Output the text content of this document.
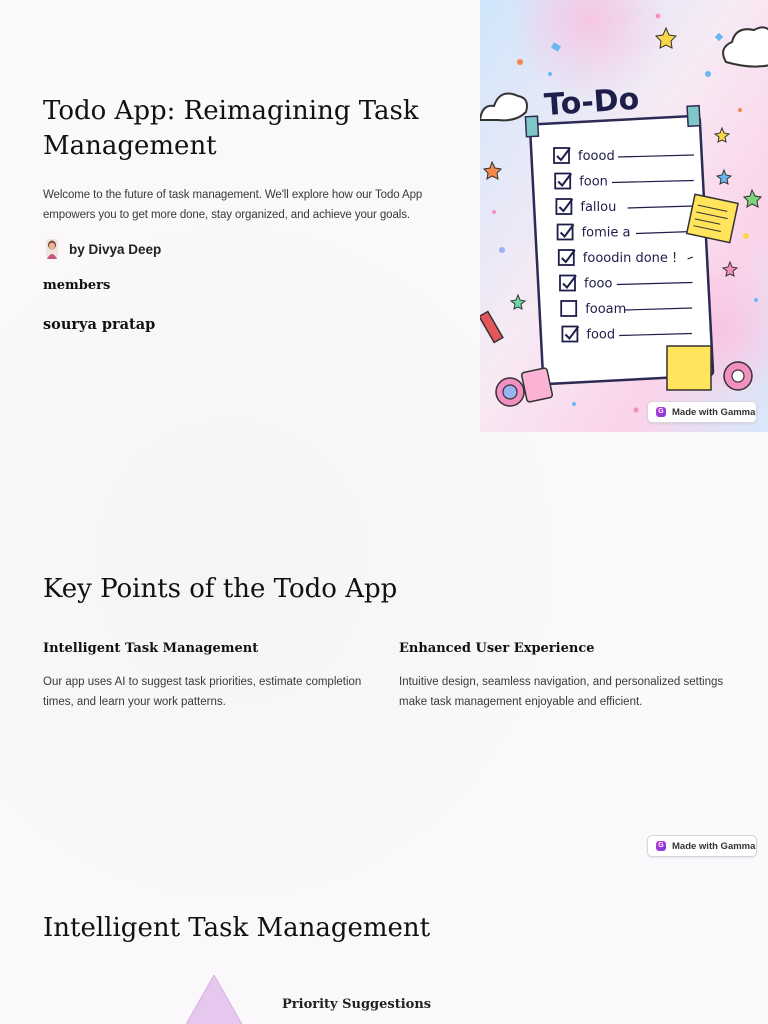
Todo App: Reimagining Task Management

Welcome to the future of task management. We'll explore how our Todo App empowers you to get more done, stay organized, and achieve your goals.

by Divya Deep
members
sourya pratap
To-Do
foood
foon
fallou
fomie a
fooodin done !
fooo
fooam
food
G Made with Gamma
Key Points of the Todo App
Intelligent Task Management

Our app uses AI to suggest task priorities, estimate completion times, and learn your work patterns.

Enhanced User Experience

Intuitive design, seamless navigation, and personalized settings make task management enjoyable and efficient.

G Made with Gamma
Intelligent Task Management
Priority Suggestions
